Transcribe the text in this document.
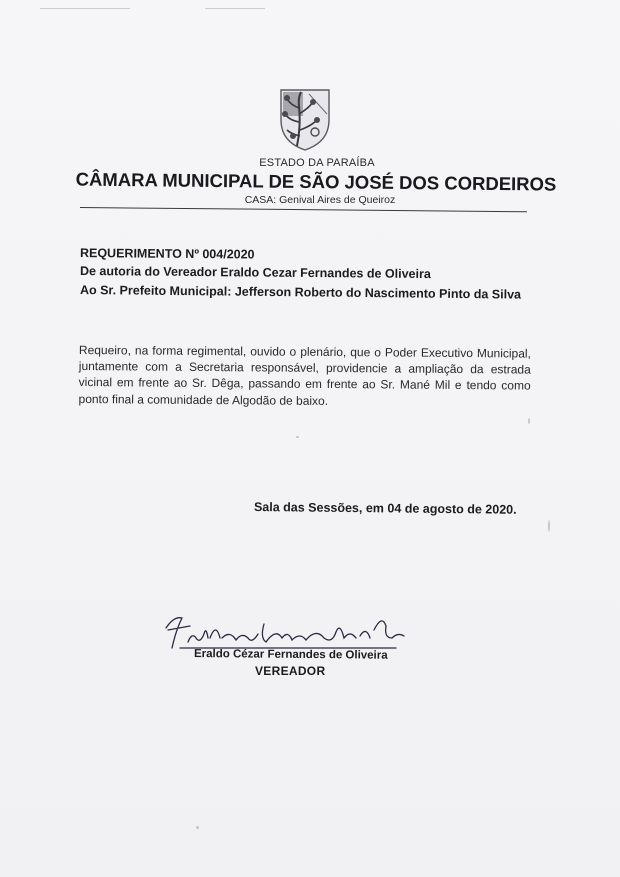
ESTADO DA PARAÍBA
CÂMARA MUNICIPAL DE SÃO JOSÉ DOS CORDEIROS
CASA: Genival Aires de Queiroz
REQUERIMENTO Nº 004/2020
De autoria do Vereador Eraldo Cezar Fernandes de Oliveira
Ao Sr. Prefeito Municipal: Jefferson Roberto do Nascimento Pinto da Silva
Requeiro, na forma regimental, ouvido o plenário, que o Poder Executivo Municipal, juntamente com a Secretaria responsável, providencie a ampliação da estrada vicinal em frente ao Sr. Dêga, passando em frente ao Sr. Mané Mil e tendo como ponto final a comunidade de Algodão de baixo.
Sala das Sessões, em 04 de agosto de 2020.
Eraldo Cézar Fernandes de Oliveira
VEREADOR
